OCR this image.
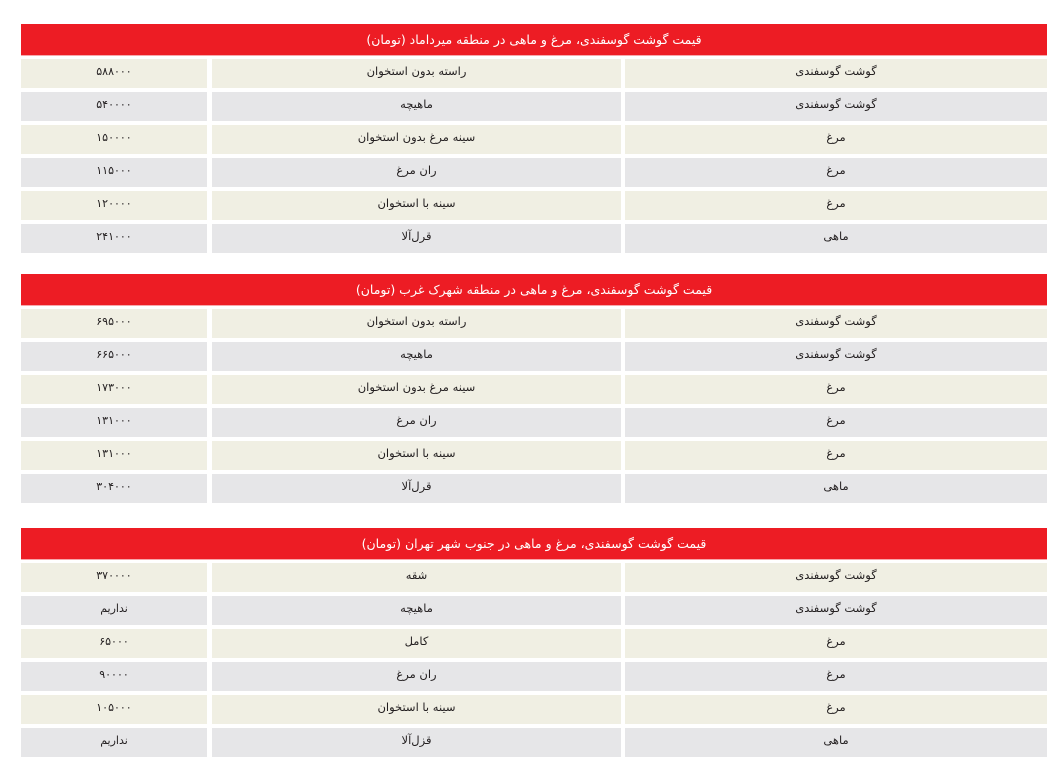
قیمت گوشت گوسفندی، مرغ و ماهی در منطقه میرداماد (تومان)
۵۸۸۰۰۰	راسته بدون استخوان	گوشت گوسفندی
۵۴۰۰۰۰	ماهیچه	گوشت گوسفندی
۱۵۰۰۰۰	سینه مرغ بدون استخوان	مرغ
۱۱۵۰۰۰	ران مرغ	مرغ
۱۲۰۰۰۰	سینه با استخوان	مرغ
۲۴۱۰۰۰	قرل‌آلا	ماهی
قیمت گوشت گوسفندی، مرغ و ماهی در منطقه شهرک غرب (تومان)
۶۹۵۰۰۰	راسته بدون استخوان	گوشت گوسفندی
۶۶۵۰۰۰	ماهیچه	گوشت گوسفندی
۱۷۳۰۰۰	سینه مرغ بدون استخوان	مرغ
۱۳۱۰۰۰	ران مرغ	مرغ
۱۳۱۰۰۰	سینه با استخوان	مرغ
۳۰۴۰۰۰	قرل‌آلا	ماهی
قیمت گوشت گوسفندی، مرغ و ماهی در جنوب شهر تهران (تومان)
۳۷۰۰۰۰	شقه	گوشت گوسفندی
نداریم	ماهیچه	گوشت گوسفندی
۶۵۰۰۰	کامل	مرغ
۹۰۰۰۰	ران مرغ	مرغ
۱۰۵۰۰۰	سینه با استخوان	مرغ
نداریم	قزل‌آلا	ماهی
